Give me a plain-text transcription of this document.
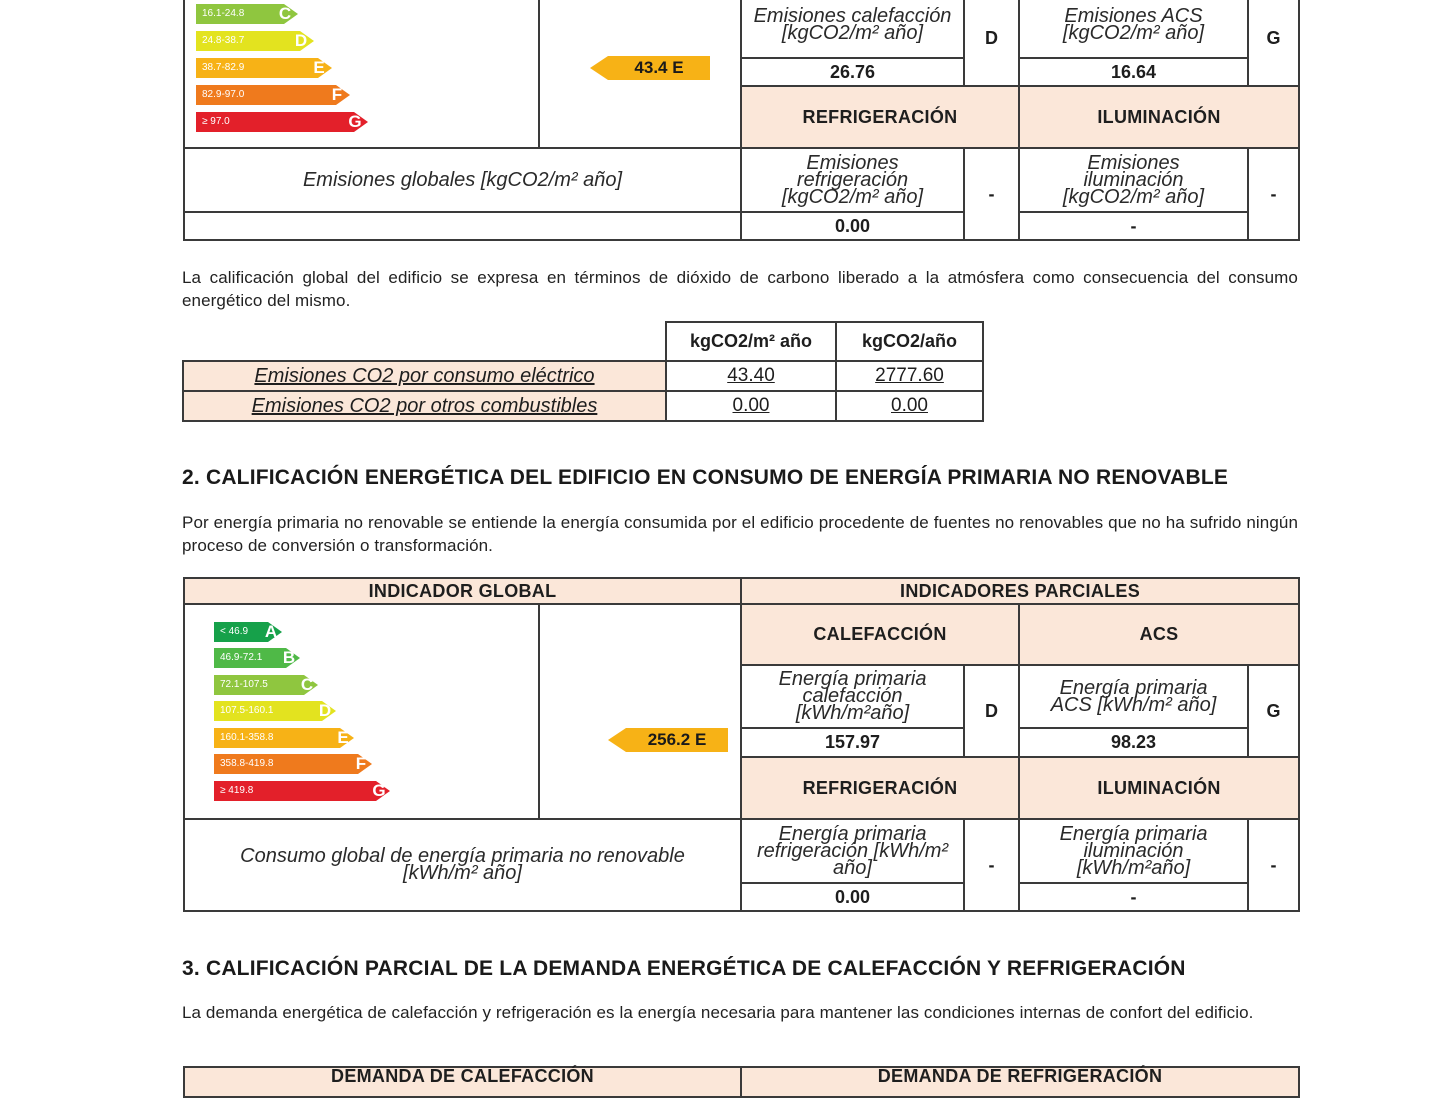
		Emisiones calefacción [kgCO2/m² año]	D	Emisiones ACS [kgCO2/m² año]	G
		26.76		16.64	
		REFRIGERACIÓN		ILUMINACIÓN	
Emisiones globales [kgCO2/m² año]		Emisiones refrigeración [kgCO2/m² año]	-	Emisiones iluminación [kgCO2/m² año]	-
		0.00		-	
16.1-24.8	C
24.8-38.7	D
38.7-82.9	E
82.9-97.0	F
≥ 97.0	G
43.4 E
La calificación global del edificio se expresa en términos de dióxido de carbono liberado a la atmósfera como consecuencia del consumo energético del mismo.
	kgCO2/m² año	kgCO2/año
Emisiones CO2 por consumo eléctrico	43.40	2777.60
Emisiones CO2 por otros combustibles	0.00	0.00
2. CALIFICACIÓN ENERGÉTICA DEL EDIFICIO EN CONSUMO DE ENERGÍA PRIMARIA NO RENOVABLE
Por energía primaria no renovable se entiende la energía consumida por el edificio procedente de fuentes no renovables que no ha sufrido ningún proceso de conversión o transformación.
INDICADOR GLOBAL		INDICADORES PARCIALES			
		CALEFACCIÓN		ACS	
		Energía primaria calefacción [kWh/m²año]	D	Energía primaria ACS [kWh/m² año]	G
		157.97		98.23	
		REFRIGERACIÓN		ILUMINACIÓN	
Consumo global de energía primaria no renovable [kWh/m² año]		Energía primaria refrigeración [kWh/m² año]	-	Energía primaria iluminación [kWh/m²año]	-
		0.00		-	
< 46.9 A
46.9-72.1	B
72.1-107.5	C
107.5-160.1	D
160.1-358.8	E
358.8-419.8	F
≥ 419.8	G
256.2 E
3. CALIFICACIÓN PARCIAL DE LA DEMANDA ENERGÉTICA DE CALEFACCIÓN Y REFRIGERACIÓN
La demanda energética de calefacción y refrigeración es la energía necesaria para mantener las condiciones internas de confort del edificio.
DEMANDA DE CALEFACCIÓN	DEMANDA DE REFRIGERACIÓN
